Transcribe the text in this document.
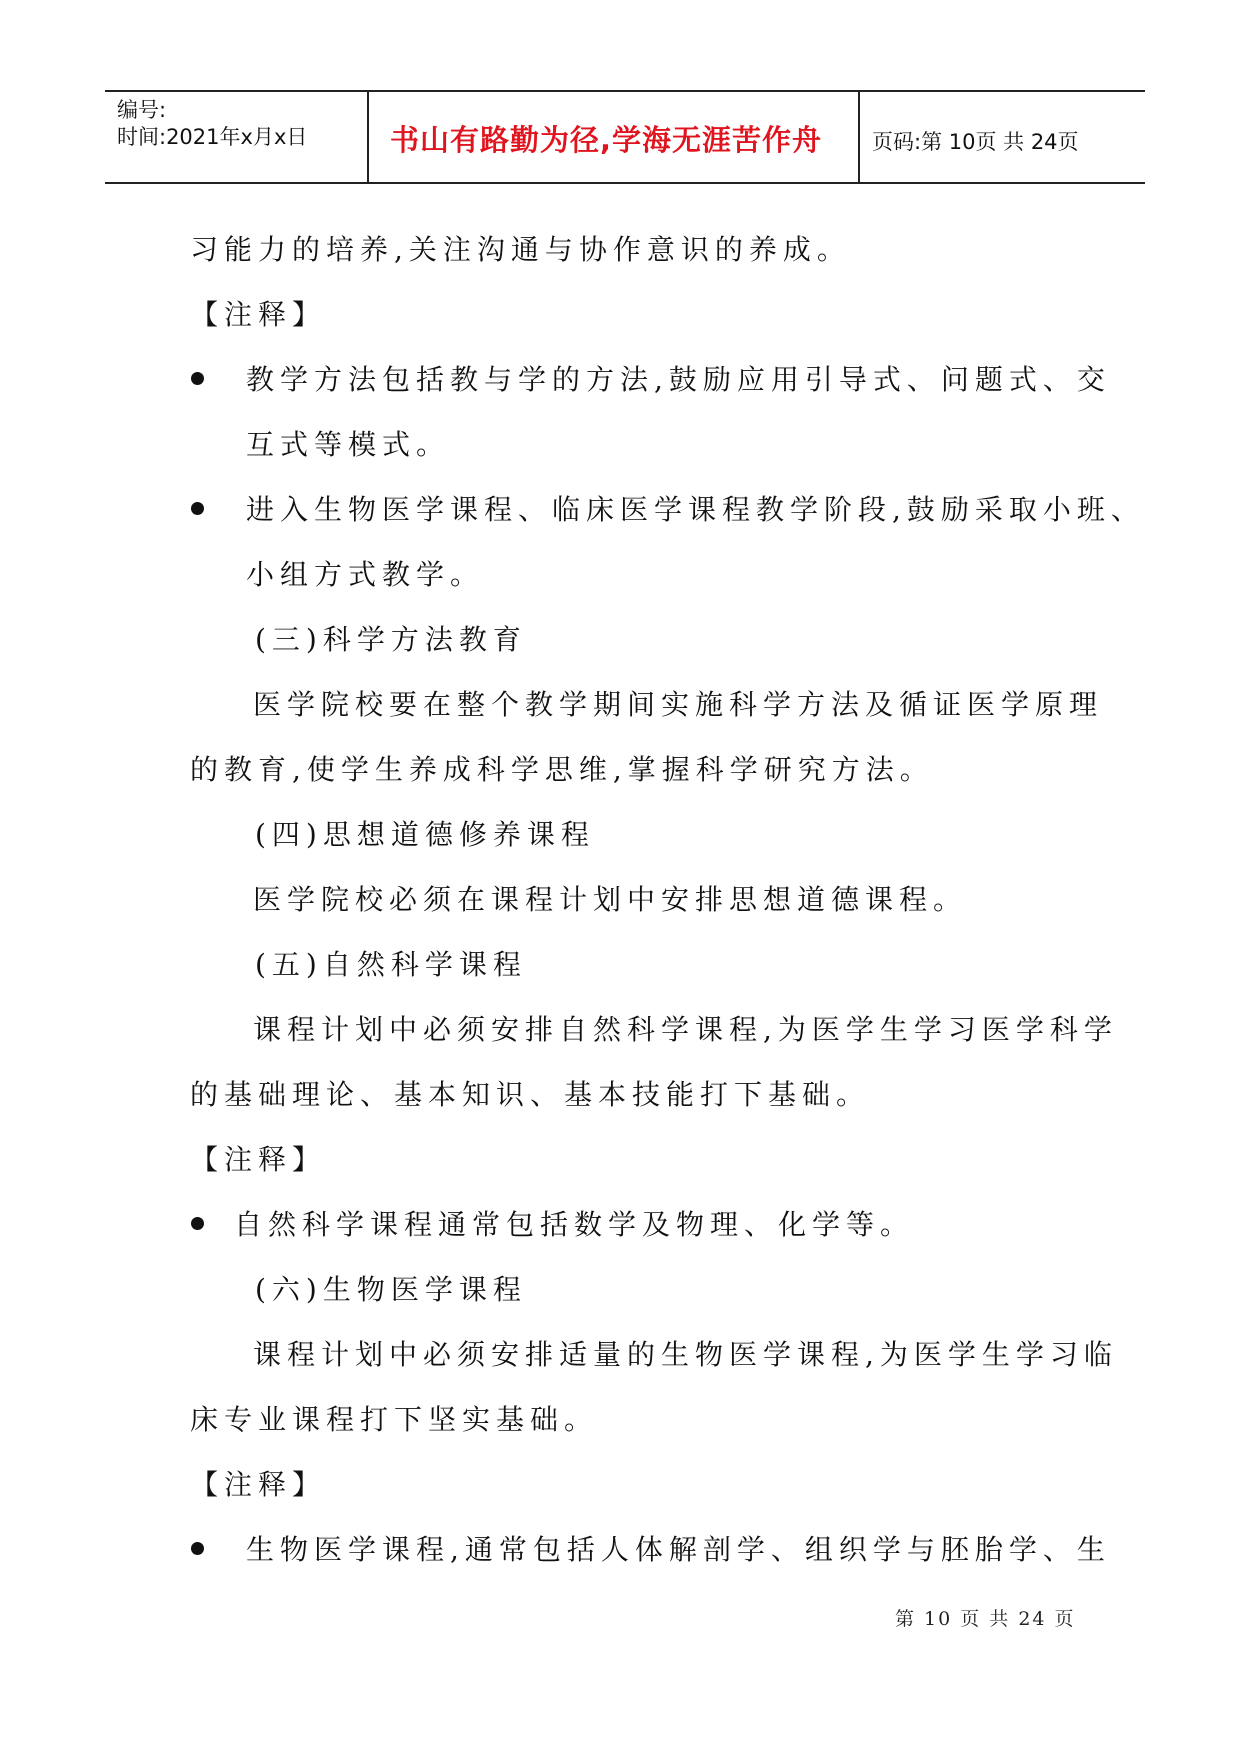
编号:
时间:2021年x月x日	书山有路勤为径,学海无涯苦作舟 页码:第 10页 共 24页
习能力的培养,关注沟通与协作意识的养成。
【注释】
教学方法包括教与学的方法,鼓励应用引导式、问题式、交
互式等模式。
进入生物医学课程、临床医学课程教学阶段,鼓励采取小班、
小组方式教学。
(三)科学方法教育
医学院校要在整个教学期间实施科学方法及循证医学原理
的教育,使学生养成科学思维,掌握科学研究方法。
(四)思想道德修养课程
医学院校必须在课程计划中安排思想道德课程。
(五)自然科学课程
课程计划中必须安排自然科学课程,为医学生学习医学科学
的基础理论、基本知识、基本技能打下基础。
【注释】
自然科学课程通常包括数学及物理、化学等。
(六)生物医学课程
课程计划中必须安排适量的生物医学课程,为医学生学习临
床专业课程打下坚实基础。
【注释】
生物医学课程,通常包括人体解剖学、组织学与胚胎学、生
第 10 页 共 24 页
